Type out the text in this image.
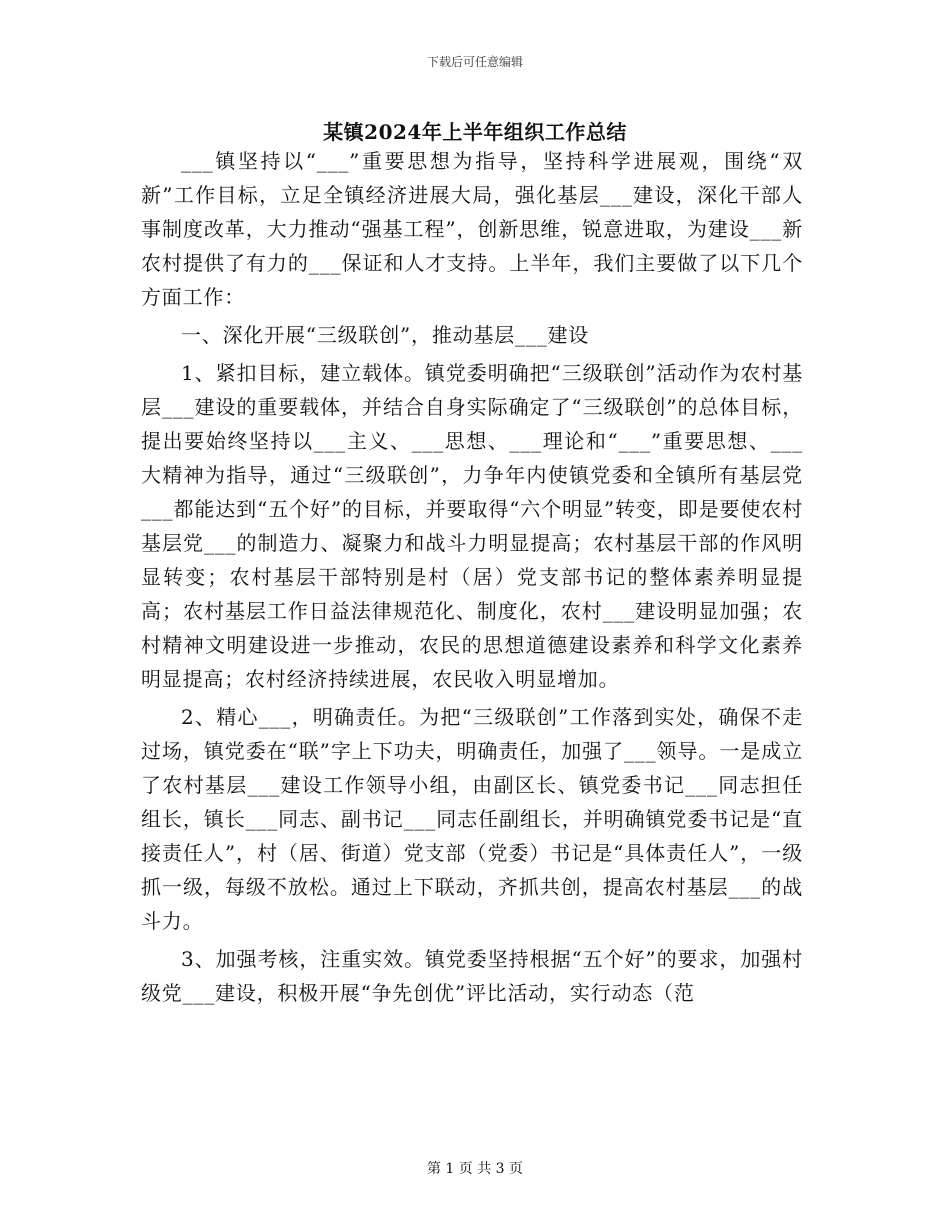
下载后可任意编辑
某镇2024年上半年组织工作总结

___镇坚持以“___”重要思想为指导，坚持科学进展观，围绕“双新”工作目标，立足全镇经济进展大局，强化基层___建设，深化干部人事制度改革，大力推动“强基工程”，创新思维，锐意进取，为建设___新农村提供了有力的___保证和人才支持。上半年，我们主要做了以下几个方面工作：

一、深化开展“三级联创”，推动基层___建设

1、紧扣目标，建立载体。镇党委明确把“三级联创”活动作为农村基层___建设的重要载体，并结合自身实际确定了“三级联创”的总体目标，提出要始终坚持以___主义、___思想、___理论和“___”重要思想、___大精神为指导，通过“三级联创”，力争年内使镇党委和全镇所有基层党___都能达到“五个好”的目标，并要取得“六个明显”转变，即是要使农村基层党___的制造力、凝聚力和战斗力明显提高；农村基层干部的作风明显转变；农村基层干部特别是村（居）党支部书记的整体素养明显提高；农村基层工作日益法律规范化、制度化，农村___建设明显加强；农村精神文明建设进一步推动，农民的思想道德建设素养和科学文化素养明显提高；农村经济持续进展，农民收入明显增加。

2、精心___，明确责任。为把“三级联创”工作落到实处，确保不走过场，镇党委在“联”字上下功夫，明确责任，加强了___领导。一是成立了农村基层___建设工作领导小组，由副区长、镇党委书记___同志担任组长，镇长___同志、副书记___同志任副组长，并明确镇党委书记是“直接责任人”，村（居、街道）党支部（党委）书记是“具体责任人”，一级抓一级，每级不放松。通过上下联动，齐抓共创，提高农村基层___的战斗力。

3、加强考核，注重实效。镇党委坚持根据“五个好”的要求，加强村级党___建设，积极开展“争先创优”评比活动，实行动态（范

第 1 页 共 3 页
